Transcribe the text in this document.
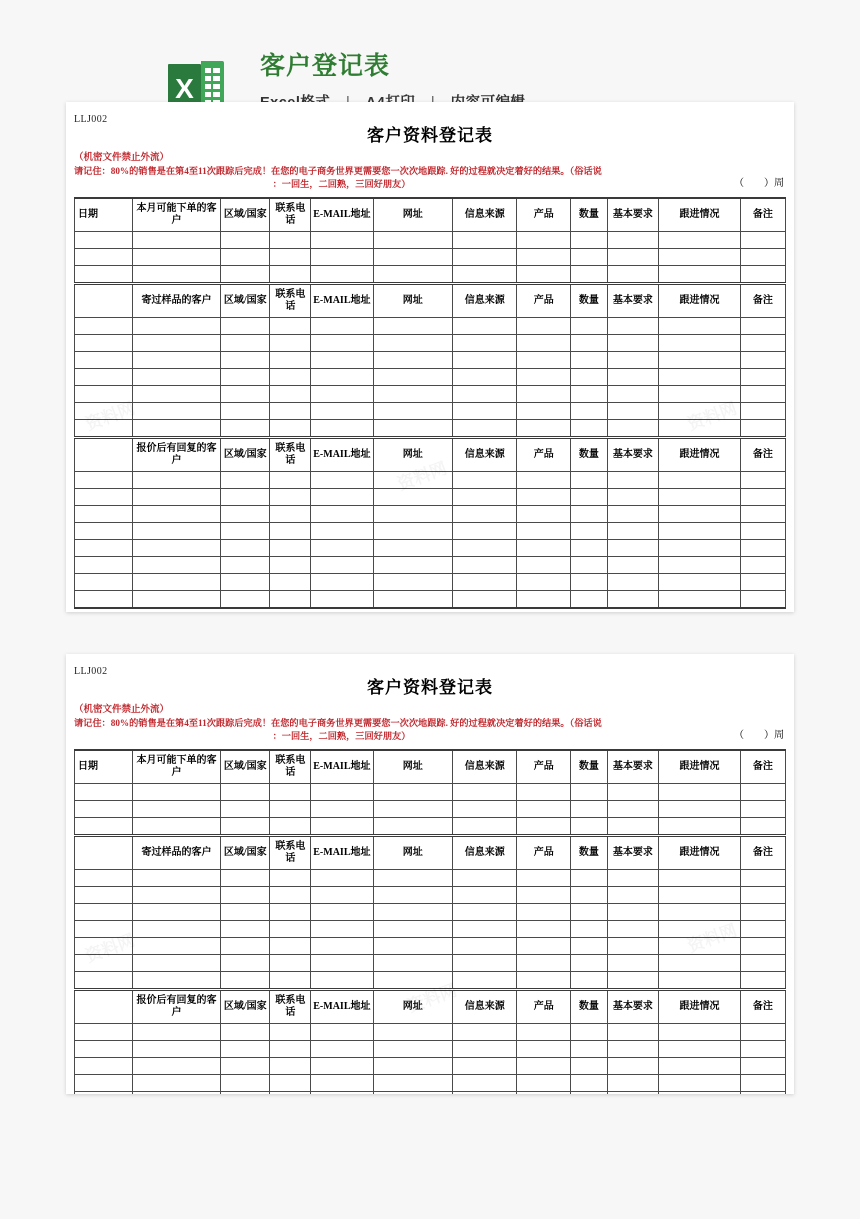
X
客户登记表
LLJ002
客户资料登记表
（机密文件禁止外流）
请记住：80%的销售是在第4至11次跟踪后完成！在您的电子商务世界更需要您一次次地跟踪. 好的过程就决定着好的结果。（俗话说
：一回生，二回熟，三回好朋友）	（        ）周
日期	本月可能下单的客户	区域/国家	联系电话	E-MAIL地址	网址	信息来源	产品	数量	基本要求	跟进情况	备注

	寄过样品的客户	区域/国家	联系电话	E-MAIL地址	网址	信息来源	产品	数量	基本要求	跟进情况	备注

	报价后有回复的客户	区域/国家	联系电话	E-MAIL地址	网址	信息来源	产品	数量	基本要求	跟进情况	备注

LLJ002
客户资料登记表
（机密文件禁止外流）
请记住：80%的销售是在第4至11次跟踪后完成！在您的电子商务世界更需要您一次次地跟踪. 好的过程就决定着好的结果。（俗话说
：一回生，二回熟，三回好朋友）	（        ）周
日期	本月可能下单的客户	区域/国家	联系电话	E-MAIL地址	网址	信息来源	产品	数量	基本要求	跟进情况	备注

	寄过样品的客户	区域/国家	联系电话	E-MAIL地址	网址	信息来源	产品	数量	基本要求	跟进情况	备注

	报价后有回复的客户	区域/国家	联系电话	E-MAIL地址	网址	信息来源	产品	数量	基本要求	跟进情况	备注
